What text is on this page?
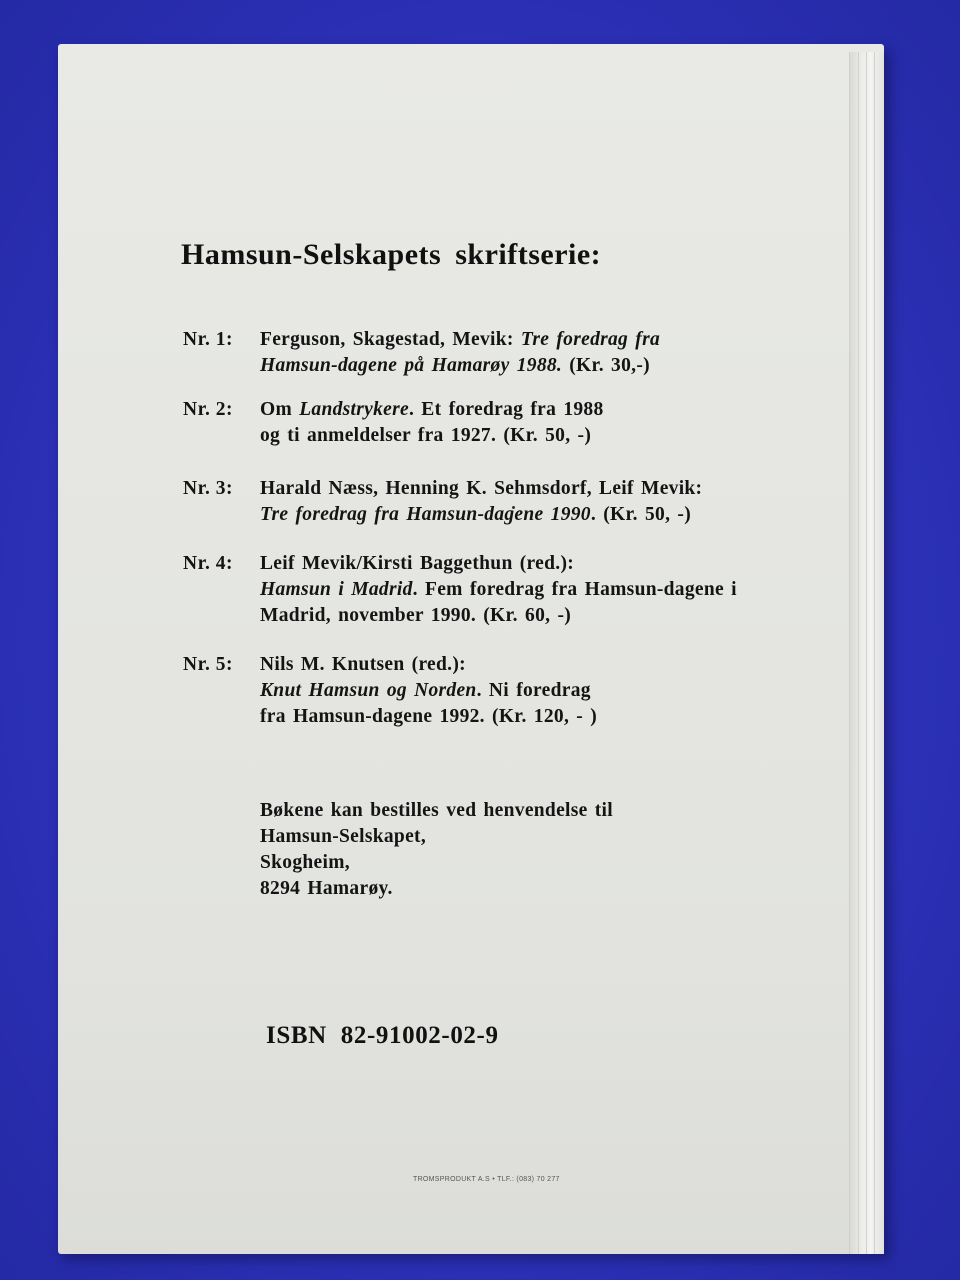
Hamsun-Selskapets skriftserie:
Nr. 1:	Ferguson, Skagestad, Mevik: Tre foredrag fra
Hamsun-dagene på Hamarøy 1988. (Kr. 30,-)
Nr. 2:	Om Landstrykere. Et foredrag fra 1988
og ti anmeldelser fra 1927. (Kr. 50, -)
Nr. 3:	Harald Næss, Henning K. Sehmsdorf, Leif Mevik:
Tre foredrag fra Hamsun-dagene 1990. (Kr. 50, -)
Nr. 4:	Leif Mevik/Kirsti Baggethun (red.):
Hamsun i Madrid. Fem foredrag fra Hamsun-dagene i
Madrid, november 1990. (Kr. 60, -)
Nr. 5:	Nils M. Knutsen (red.):
Knut Hamsun og Norden. Ni foredrag
fra Hamsun-dagene 1992. (Kr. 120, - )
Bøkene kan bestilles ved henvendelse til
Hamsun-Selskapet,
Skogheim,
8294 Hamarøy.
ISBN 82-91002-02-9
TROMSPRODUKT A.S • TLF.: (083) 70 277
